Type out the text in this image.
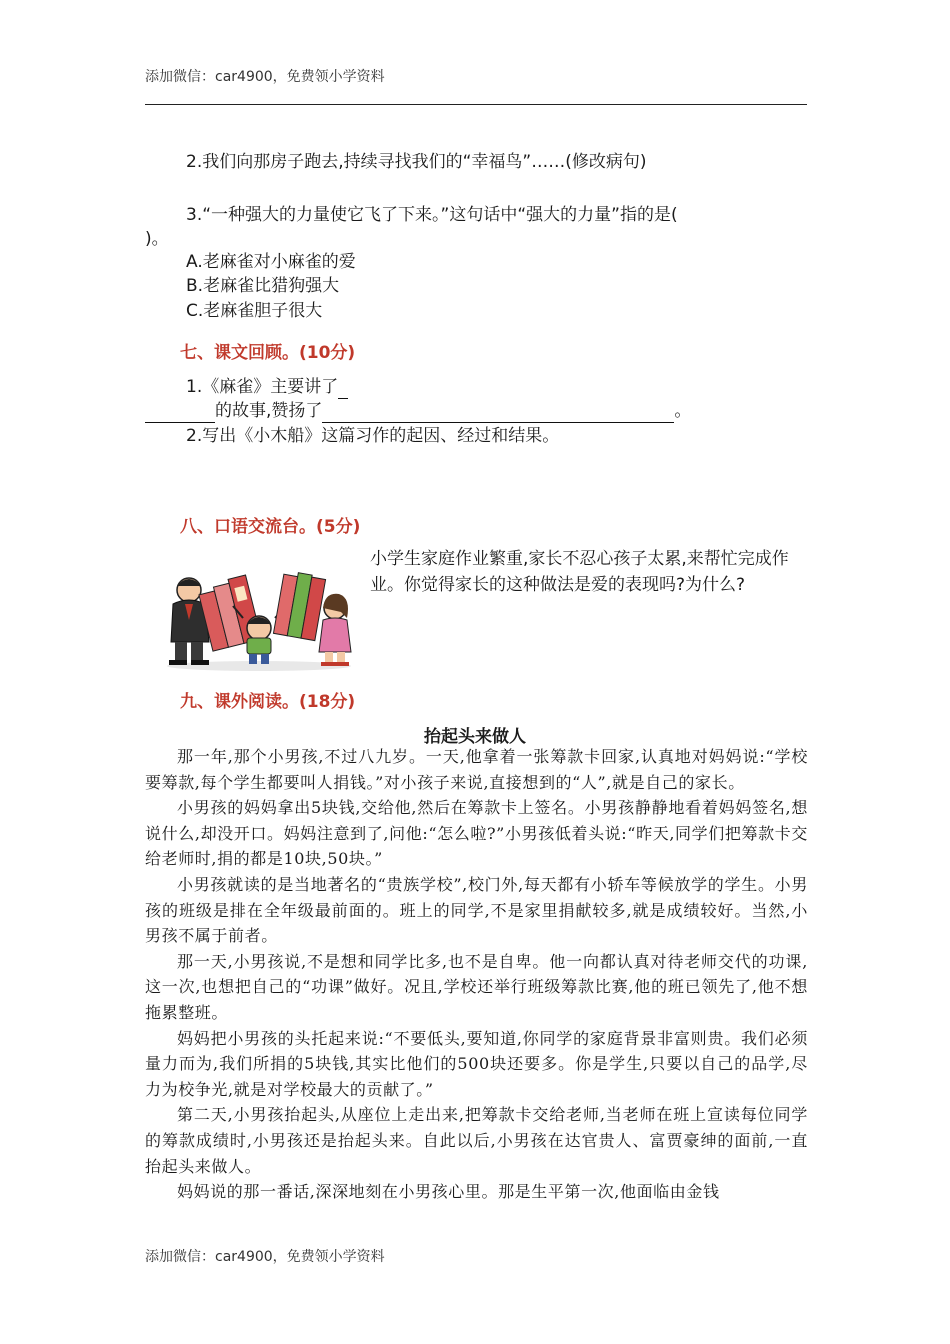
添加微信：car4900，免费领小学资料
2.我们向那房子跑去,持续寻找我们的“幸福鸟”……(修改病句)
3.“一种强大的力量使它飞了下来。”这句话中“强大的力量”指的是(
)。
A.老麻雀对小麻雀的爱
B.老麻雀比猎狗强大
C.老麻雀胆子很大
七、课文回顾。(10分)
1.《麻雀》主要讲了
的故事,赞扬了	。
2.写出《小木船》这篇习作的起因、经过和结果。
八、口语交流台。(5分)
小学生家庭作业繁重,家长不忍心孩子太累,来帮忙完成作业。你觉得家长的这种做法是爱的表现吗?为什么?
九、课外阅读。(18分)
抬起头来做人

那一年,那个小男孩,不过八九岁。一天,他拿着一张筹款卡回家,认真地对妈妈说:“学校要筹款,每个学生都要叫人捐钱。”对小孩子来说,直接想到的“人”,就是自己的家长。

小男孩的妈妈拿出5块钱,交给他,然后在筹款卡上签名。小男孩静静地看着妈妈签名,想说什么,却没开口。妈妈注意到了,问他:“怎么啦?”小男孩低着头说:“昨天,同学们把筹款卡交给老师时,捐的都是10块,50块。”

小男孩就读的是当地著名的“贵族学校”,校门外,每天都有小轿车等候放学的学生。小男孩的班级是排在全年级最前面的。班上的同学,不是家里捐献较多,就是成绩较好。当然,小男孩不属于前者。

那一天,小男孩说,不是想和同学比多,也不是自卑。他一向都认真对待老师交代的功课,这一次,也想把自己的“功课”做好。况且,学校还举行班级筹款比赛,他的班已领先了,他不想拖累整班。

妈妈把小男孩的头托起来说:“不要低头,要知道,你同学的家庭背景非富则贵。我们必须量力而为,我们所捐的5块钱,其实比他们的500块还要多。你是学生,只要以自己的品学,尽力为校争光,就是对学校最大的贡献了。”

第二天,小男孩抬起头,从座位上走出来,把筹款卡交给老师,当老师在班上宣读每位同学的筹款成绩时,小男孩还是抬起头来。自此以后,小男孩在达官贵人、富贾豪绅的面前,一直抬起头来做人。

妈妈说的那一番话,深深地刻在小男孩心里。那是生平第一次,他面临由金钱

添加微信：car4900，免费领小学资料
